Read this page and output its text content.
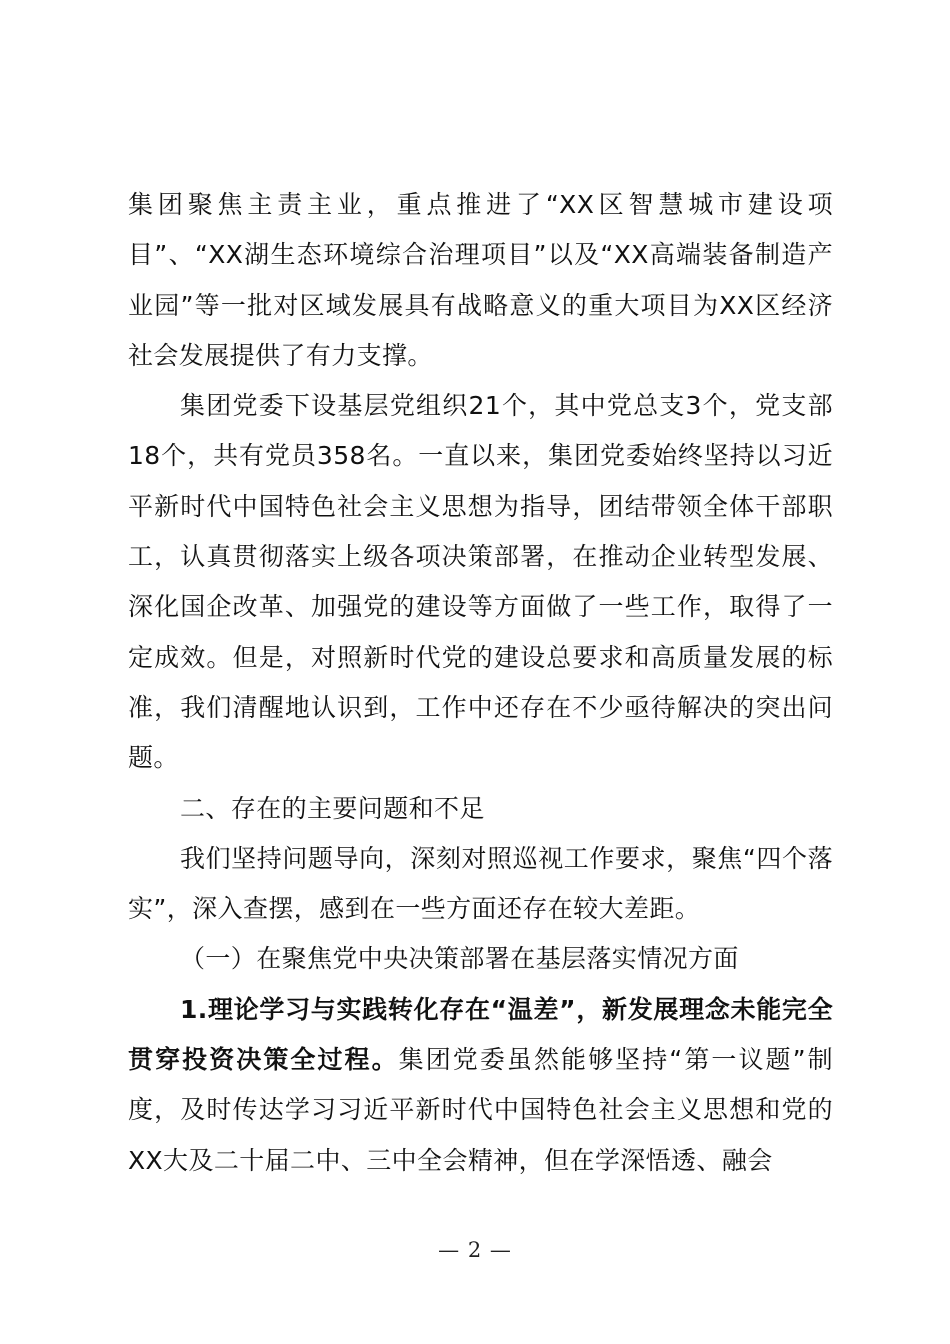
集团聚焦主责主业，重点推进了“XX区智慧城市建设项目”、“XX湖生态环境综合治理项目”以及“XX高端装备制造产业园”等一批对区域发展具有战略意义的重大项目为XX区经济社会发展提供了有力支撑。

集团党委下设基层党组织21个，其中党总支3个，党支部18个，共有党员358名。一直以来，集团党委始终坚持以习近平新时代中国特色社会主义思想为指导，团结带领全体干部职工，认真贯彻落实上级各项决策部署，在推动企业转型发展、深化国企改革、加强党的建设等方面做了一些工作，取得了一定成效。但是，对照新时代党的建设总要求和高质量发展的标准，我们清醒地认识到，工作中还存在不少亟待解决的突出问题。

二、存在的主要问题和不足

我们坚持问题导向，深刻对照巡视工作要求，聚焦“四个落实”，深入查摆，感到在一些方面还存在较大差距。

（一）在聚焦党中央决策部署在基层落实情况方面

1.理论学习与实践转化存在“温差”，新发展理念未能完全贯穿投资决策全过程。集团党委虽然能够坚持“第一议题”制度，及时传达学习习近平新时代中国特色社会主义思想和党的XX大及二十届二中、三中全会精神，但在学深悟透、融会

— 2 —
